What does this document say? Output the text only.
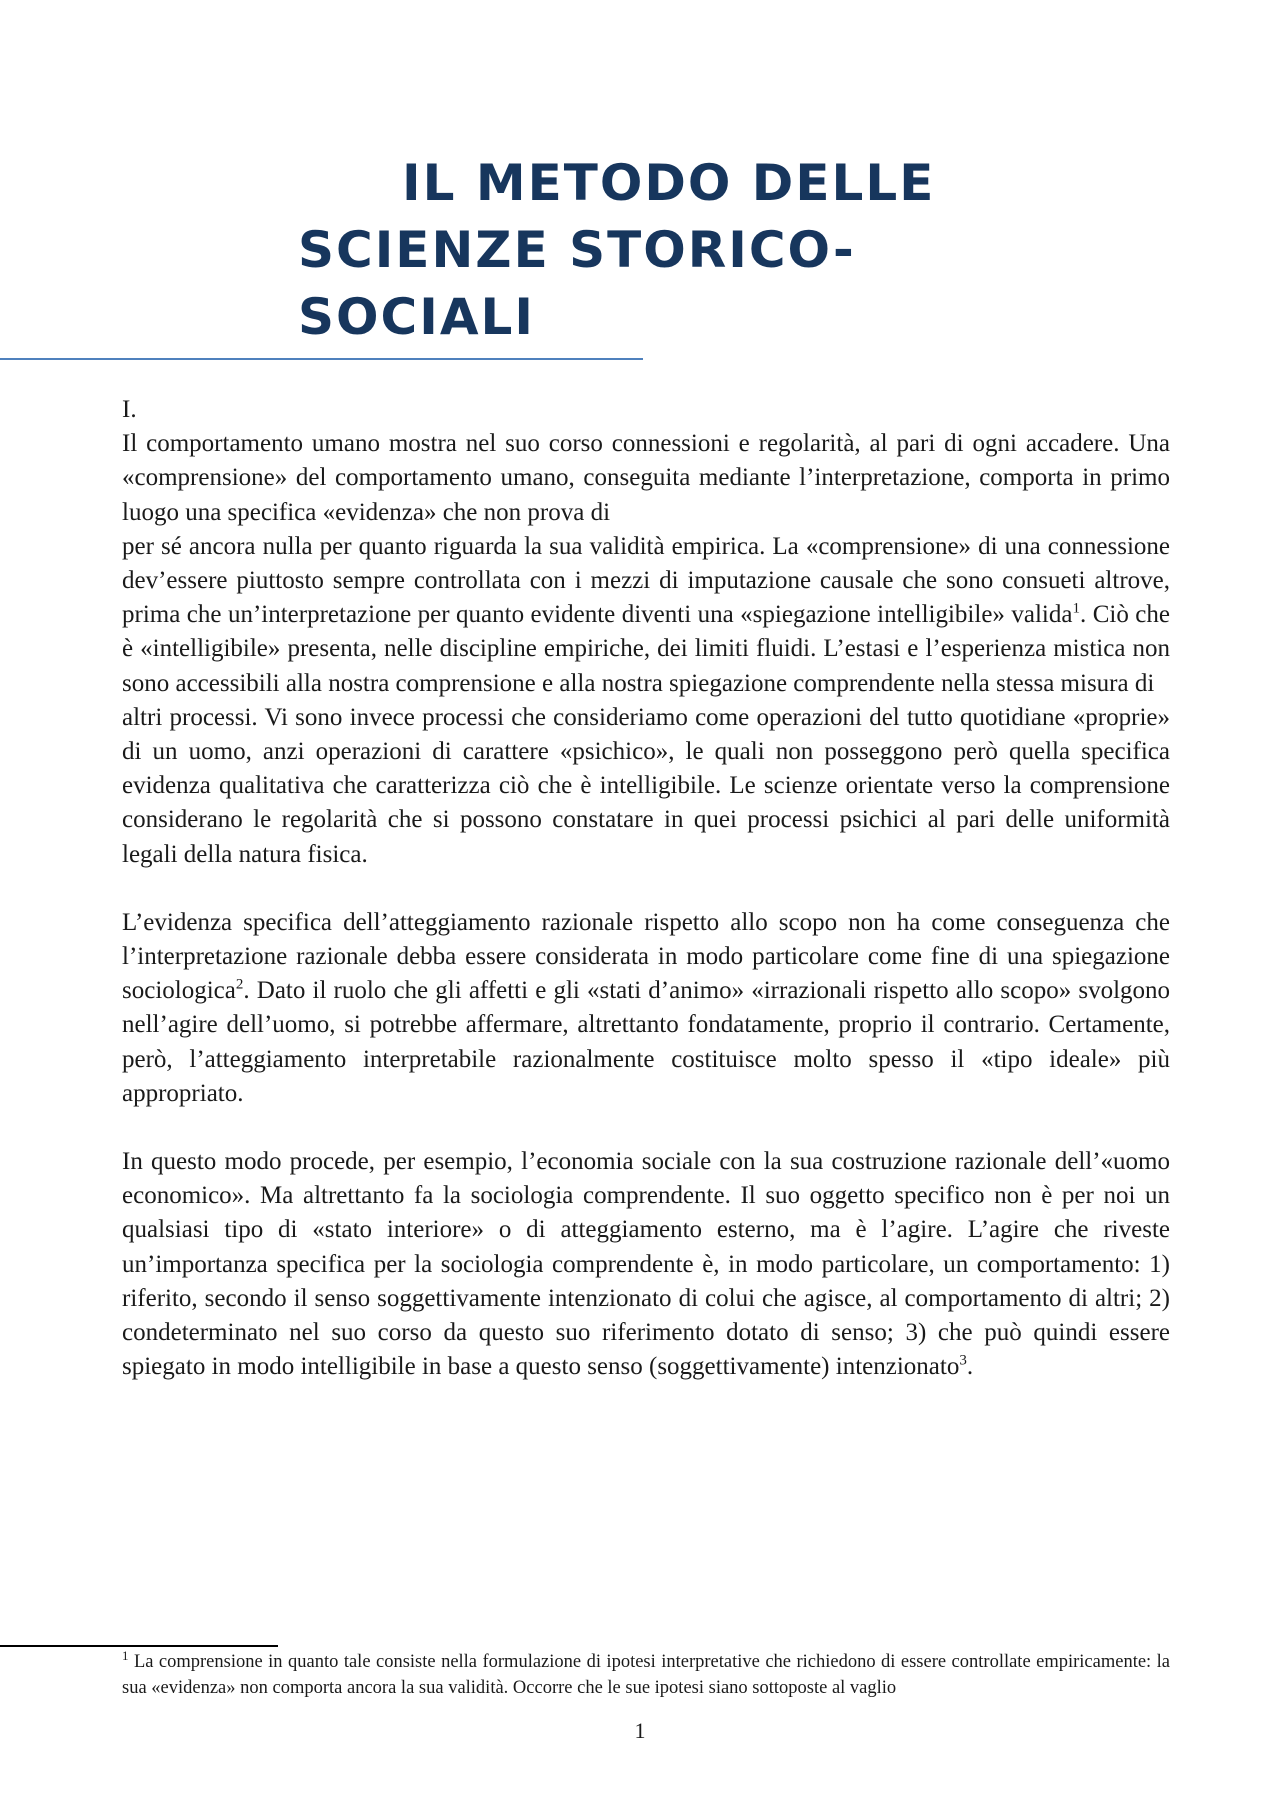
IL METODO DELLE
SCIENZE STORICO-
SOCIALI

I.

Il comportamento umano mostra nel suo corso connessioni e regolarità, al pari di ogni accadere. Una «comprensione» del comportamento umano, conseguita mediante l’interpretazione, comporta in primo luogo una specifica «evidenza» che non prova di

per sé ancora nulla per quanto riguarda la sua validità empirica. La «comprensione» di una connessione dev’essere piuttosto sempre controllata con i mezzi di imputazione causale che sono consueti altrove, prima che un’interpretazione per quanto evidente diventi una «spiegazione intelligibile» valida$^1$. Ciò che è «intelligibile» presenta, nelle discipline empiriche, dei limiti fluidi. L’estasi e l’esperienza mistica non sono accessibili alla nostra comprensione e alla nostra spiegazione comprendente nella stessa misura di

altri processi. Vi sono invece processi che consideriamo come operazioni del tutto quotidiane «proprie» di un uomo, anzi operazioni di carattere «psichico», le quali non posseggono però quella specifica evidenza qualitativa che caratterizza ciò che è intelligibile. Le scienze orientate verso la comprensione considerano le regolarità che si possono constatare in quei processi psichici al pari delle uniformità legali della natura fisica.

L’evidenza specifica dell’atteggiamento razionale rispetto allo scopo non ha come conseguenza che l’interpretazione razionale debba essere considerata in modo particolare come fine di una spiegazione sociologica$^2$. Dato il ruolo che gli affetti e gli «stati d’animo» «irrazionali rispetto allo scopo» svolgono nell’agire dell’uomo, si potrebbe affermare, altrettanto fondatamente, proprio il contrario. Certamente, però, l’atteggiamento interpretabile razionalmente costituisce molto spesso il «tipo ideale» più appropriato.

In questo modo procede, per esempio, l’economia sociale con la sua costruzione razionale dell’«uomo economico». Ma altrettanto fa la sociologia comprendente. Il suo oggetto specifico non è per noi un qualsiasi tipo di «stato interiore» o di atteggiamento esterno, ma è l’agire. L’agire che riveste un’importanza specifica per la sociologia comprendente è, in modo particolare, un comportamento: 1) riferito, secondo il senso soggettivamente intenzionato di colui che agisce, al comportamento di altri; 2) condeterminato nel suo corso da questo suo riferimento dotato di senso; 3) che può quindi essere spiegato in modo intelligibile in base a questo senso (soggettivamente) intenzionato$^3$.

$^1$ La comprensione in quanto tale consiste nella formulazione di ipotesi interpretative che richiedono di essere controllate empiricamente: la sua «evidenza» non comporta ancora la sua validità. Occorre che le sue ipotesi siano sottoposte al vaglio
1
